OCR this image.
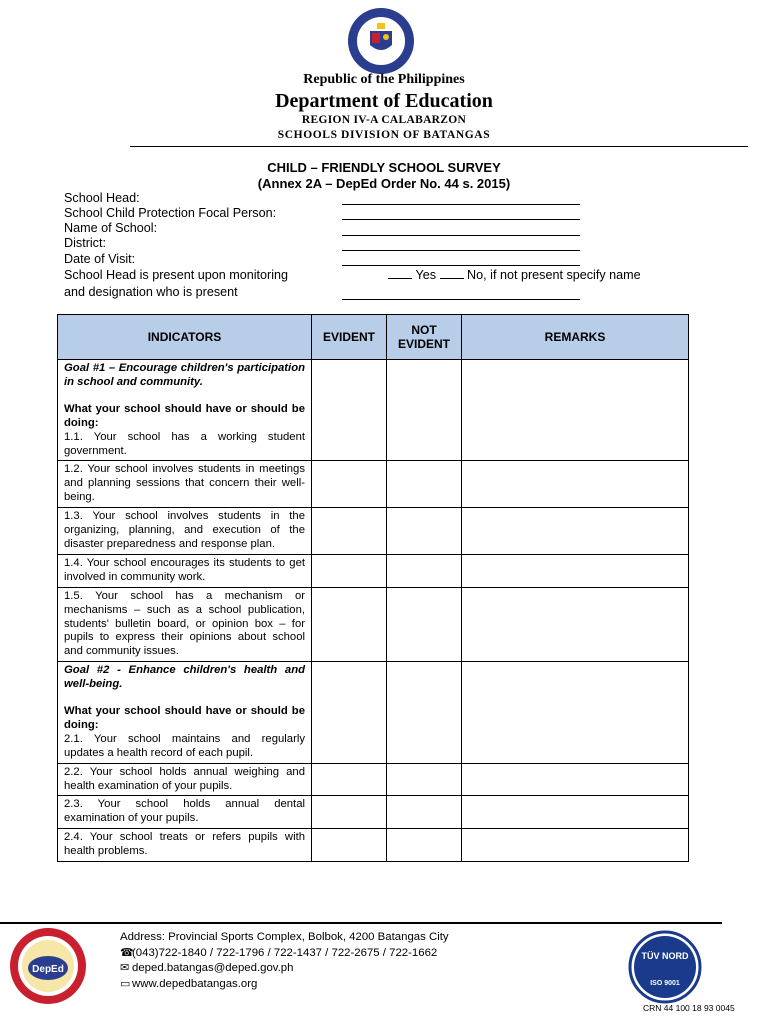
Republic of the Philippines
Department of Education
REGION IV-A CALABARZON
SCHOOLS DIVISION OF BATANGAS
CHILD – FRIENDLY SCHOOL SURVEY
(Annex 2A – DepEd Order No. 44 s. 2015)
School Head:
School Child Protection Focal Person:
Name of School:
District:
Date of Visit:
School Head is present upon monitoring	Yes No, if not present specify name
and designation who is present
INDICATORS	EVIDENT	NOT EVIDENT	REMARKS

Goal #1 – Encourage children's participation in school and community.
What your school should have or should be doing:
1.1. Your school has a working student government.			

1.2. Your school involves students in meetings and planning sessions that concern their well-being.			

1.3. Your school involves students in the organizing, planning, and execution of the disaster preparedness and response plan.			

1.4. Your school encourages its students to get involved in community work.			

1.5. Your school has a mechanism or mechanisms – such as a school publication, students' bulletin board, or opinion box – for pupils to express their opinions about school and community issues.			

Goal #2 - Enhance children's health and well-being.
What your school should have or should be doing:
2.1. Your school maintains and regularly updates a health record of each pupil.			

2.2. Your school holds annual weighing and health examination of your pupils.			

2.3. Your school holds annual dental examination of your pupils.			

2.4. Your school treats or refers pupils with health problems.			

DepEd
Address: Provincial Sports Complex, Bolbok, 4200 Batangas City
☎(043)722-1840 / 722-1796 / 722-1437 / 722-2675 / 722-1662
✉ deped.batangas@deped.gov.ph
▭ www.depedbatangas.org
TÜV NORD
ISO 9001
CRN 44 100 18 93 0045
